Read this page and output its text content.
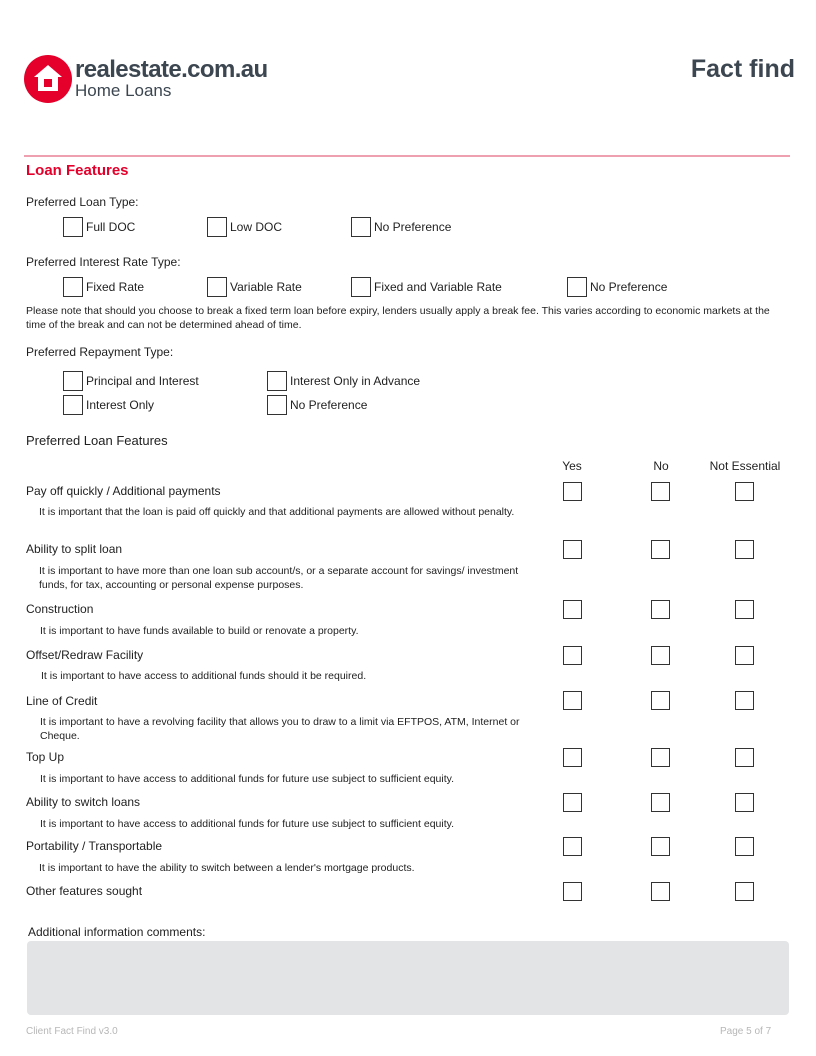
realestate.com.au
Home Loans
Fact find
Loan Features
Preferred Loan Type:
Full DOC	Low DOC	No Preference
Preferred Interest Rate Type:
Fixed Rate	Variable Rate	Fixed and Variable Rate	No Preference
Please note that should you choose to break a fixed term loan before expiry, lenders usually apply a break fee. This varies according to economic markets at the time of the break and can not be determined ahead of time.
Preferred Repayment Type:
Principal and Interest	Interest Only in Advance
Interest Only	No Preference
Preferred Loan Features
Yes	No	Not Essential
Pay off quickly / Additional payments
It is important that the loan is paid off quickly and that additional payments are allowed without penalty.
Ability to split loan
It is important to have more than one loan sub account/s, or a separate account for savings/ investment funds, for tax, accounting or personal expense purposes.
Construction
It is important to have funds available to build or renovate a property.
Offset/Redraw Facility
It is important to have access to additional funds should it be required.
Line of Credit
It is important to have a revolving facility that allows you to draw to a limit via EFTPOS, ATM, Internet or Cheque.
Top Up
It is important to have access to additional funds for future use subject to sufficient equity.
Ability to switch loans
It is important to have access to additional funds for future use subject to sufficient equity.
Portability / Transportable
It is important to have the ability to switch between a lender's mortgage products.
Other features sought
Additional information comments:
Client Fact Find v3.0	Page 5 of 7
